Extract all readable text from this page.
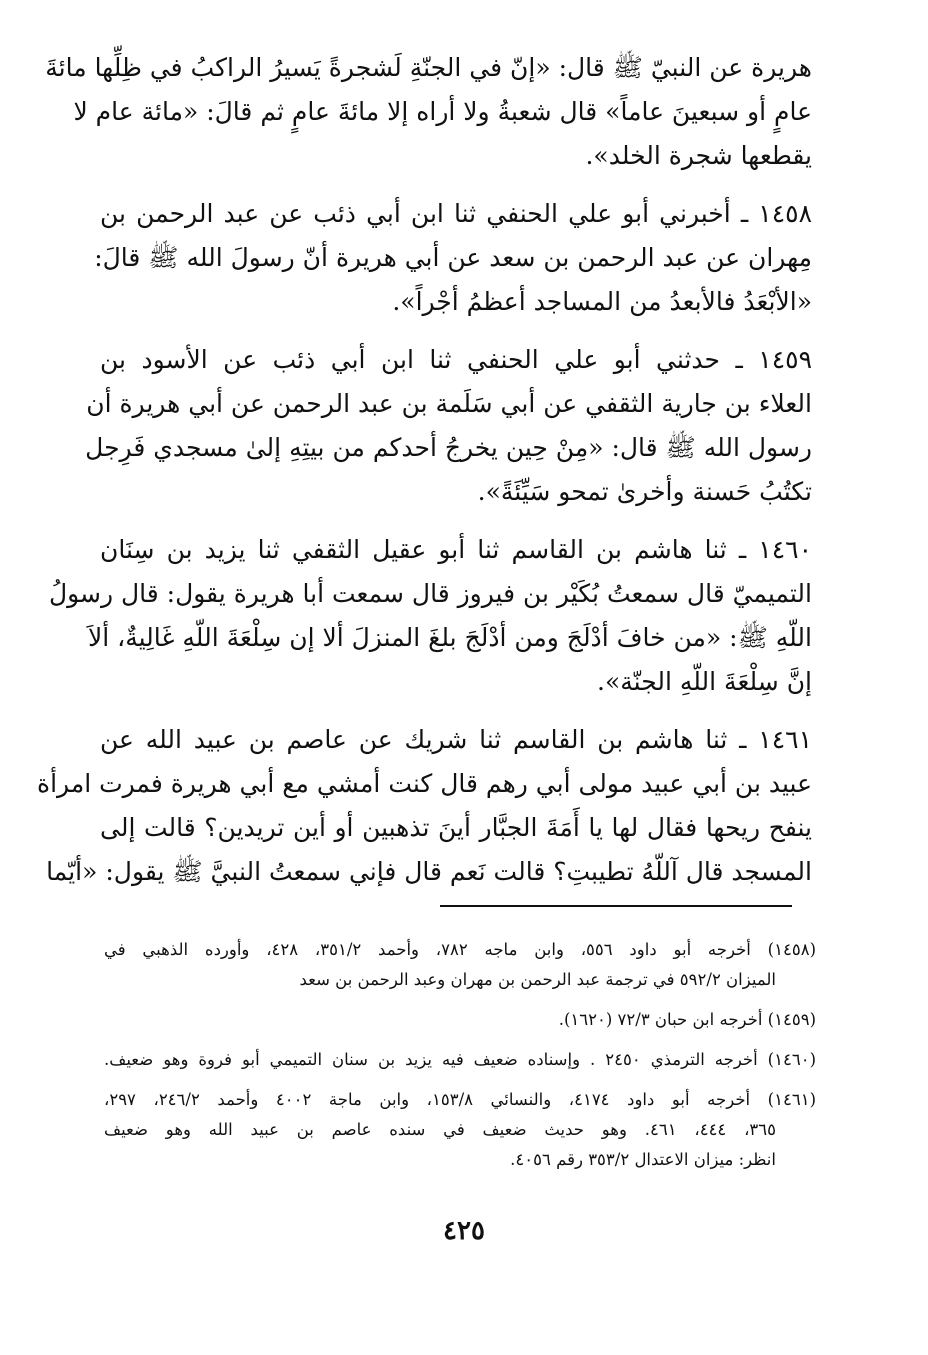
هريرة عن النبيّ ﷺ قال: «إنّ في الجنّةِ لَشجرةً يَسيرُ الراكبُ في ظِلِّها مائةَ
عامٍ أو سبعينَ عاماً» قال شعبةُ ولا أراه إلا مائةَ عامٍ ثم قالَ: «مائة عام لا
يقطعها شجرة الخلد».
١٤٥٨ ـ أخبرني أبو علي الحنفي ثنا ابن أبي ذئب عن عبد الرحمن بن
مِهران عن عبد الرحمن بن سعد عن أبي هريرة أنّ رسولَ الله ﷺ قالَ:
«الأبْعَدُ فالأبعدُ من المساجد أعظمُ أجْراً».
١٤٥٩ ـ حدثني أبو علي الحنفي ثنا ابن أبي ذئب عن الأسود بن
العلاء بن جارية الثقفي عن أبي سَلَمة بن عبد الرحمن عن أبي هريرة أن
رسول الله ﷺ قال: «مِنْ حِين يخرجُ أحدكم من بيتِهِ إلىٰ مسجدي فَرِجل
تكتُبُ حَسنة وأخرىٰ تمحو سَيِّئَةً».
١٤٦٠ ـ ثنا هاشم بن القاسم ثنا أبو عقيل الثقفي ثنا يزيد بن سِنَان
التميميّ قال سمعتُ بُكَيْر بن فيروز قال سمعت أبا هريرة يقول: قال رسولُ
اللّهِ ﷺ: «من خافَ أدْلَجَ ومن أدْلَجَ بلغَ المنزلَ ألا إن سِلْعَةَ اللّهِ غَالِيةٌ، ألاَ
إنَّ سِلْعَةَ اللّهِ الجنّة».
١٤٦١ ـ ثنا هاشم بن القاسم ثنا شريك عن عاصم بن عبيد الله عن
عبيد بن أبي عبيد مولى أبي رهم قال كنت أمشي مع أبي هريرة فمرت امرأة
ينفح ريحها فقال لها يا أَمَةَ الجبَّار أينَ تذهبين أو أين تريدين؟ قالت إلى
المسجد قال آللّهُ تطيبتِ؟ قالت نَعم قال فإني سمعتُ النبيَّ ﷺ يقول: «أيّما
(١٤٥٨) أخرجه أبو داود ٥٥٦، وابن ماجه ٧٨٢، وأحمد ٣٥١/٢، ٤٢٨، وأورده الذهبي في
الميزان ٥٩٢/٢ في ترجمة عبد الرحمن بن مهران وعبد الرحمن بن سعد
(١٤٥٩) أخرجه ابن حبان ٧٢/٣ (١٦٢٠).
(١٤٦٠) أخرجه الترمذي ٢٤٥٠ . وإسناده ضعيف فيه يزيد بن سنان التميمي أبو فروة وهو ضعيف.
(١٤٦١) أخرجه أبو داود ٤١٧٤، والنسائي ١٥٣/٨، وابن ماجة ٤٠٠٢ وأحمد ٢٤٦/٢، ٢٩٧،
٣٦٥، ٤٤٤، ٤٦١. وهو حديث ضعيف في سنده عاصم بن عبيد الله وهو ضعيف
انظر: ميزان الاعتدال ٣٥٣/٢ رقم ٤٠٥٦.
٤٢٥
